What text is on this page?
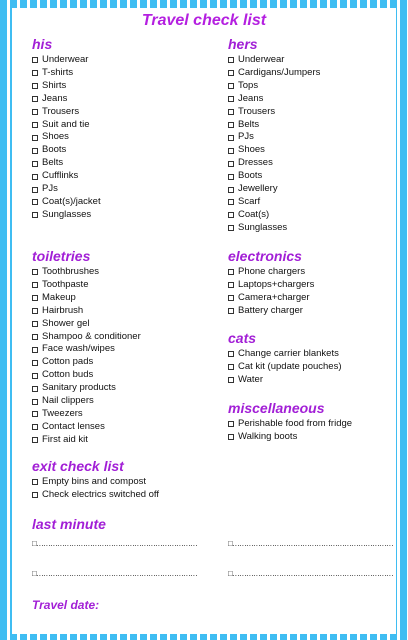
Travel check list
his
Underwear
T-shirts
Shirts
Jeans
Trousers
Suit and tie
Shoes
Boots
Belts
Cufflinks
PJs
Coat(s)/jacket
Sunglasses
hers
Underwear
Cardigans/Jumpers
Tops
Jeans
Trousers
Belts
PJs
Shoes
Dresses
Boots
Jewellery
Scarf
Coat(s)
Sunglasses
toiletries
Toothbrushes
Toothpaste
Makeup
Hairbrush
Shower gel
Shampoo & conditioner
Face wash/wipes
Cotton pads
Cotton buds
Sanitary products
Nail clippers
Tweezers
Contact lenses
First aid kit
electronics
Phone chargers
Laptops+chargers
Camera+charger
Battery charger
cats
Change carrier blankets
Cat kit (update pouches)
Water
miscellaneous
Perishable food from fridge
Walking boots
exit check list
Empty bins and compost
Check electrics switched off
last minute
□……………………………………………………………	□……………………………………………………………
□……………………………………………………………	□……………………………………………………………
Travel date:
